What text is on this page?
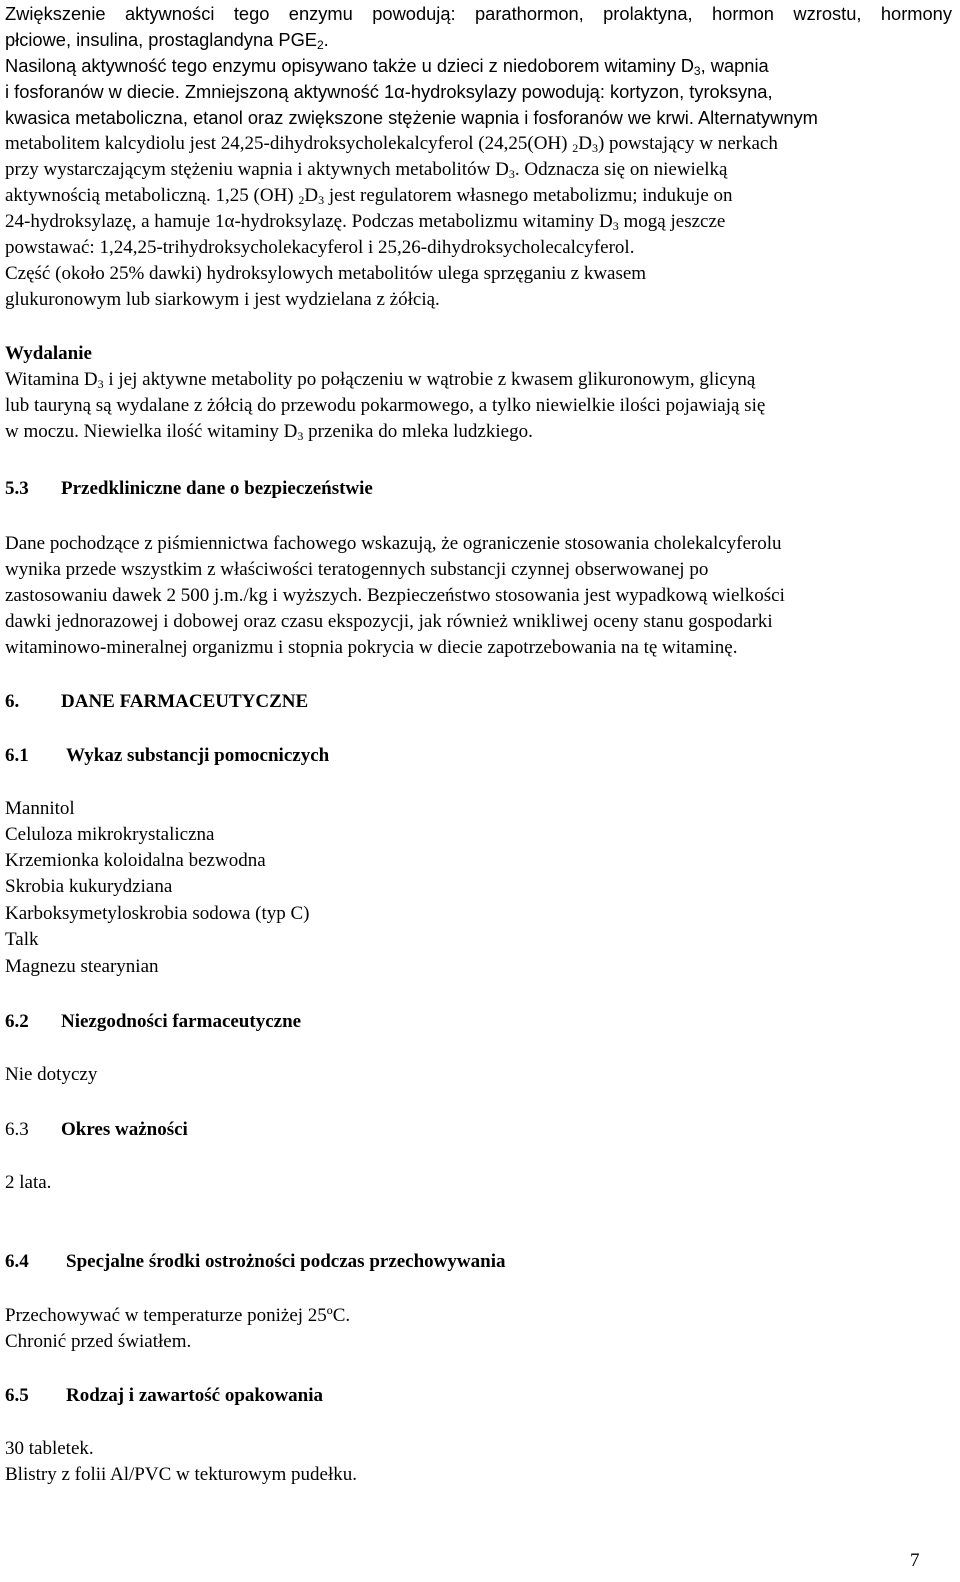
Zwiększenie aktywności tego enzymu powodują: parathormon, prolaktyna, hormon wzrostu, hormony
płciowe, insulina, prostaglandyna $PGE_2$.
Nasiloną aktywność tego enzymu opisywano także u dzieci z niedoborem witaminy $D_3$, wapnia
i fosforanów w diecie. Zmniejszoną aktywność 1α-hydroksylazy powodują: kortyzon, tyroksyna,
kwasica metaboliczna, etanol oraz zwiększone stężenie wapnia i fosforanów we krwi. Alternatywnym
metabolitem kalcydiolu jest 24,25-dihydroksycholekalcyferol (24,25(OH) $_2D_3$) powstający w nerkach
przy wystarczającym stężeniu wapnia i aktywnych metabolitów $D_3$. Odznacza się on niewielką
aktywnością metaboliczną. 1,25 (OH) $_2D_3$ jest regulatorem własnego metabolizmu; indukuje on
24-hydroksylazę, a hamuje 1α-hydroksylazę. Podczas metabolizmu witaminy $D_3$ mogą jeszcze
powstawać: 1,24,25-trihydroksycholekacyferol i 25,26-dihydroksycholecalcyferol.
Część (około 25% dawki) hydroksylowych metabolitów ulega sprzęganiu z kwasem
glukuronowym lub siarkowym i jest wydzielana z żółcią.
Wydalanie
Witamina $D_3$ i jej aktywne metabolity po połączeniu w wątrobie z kwasem glikuronowym, glicyną
lub tauryną są wydalane z żółcią do przewodu pokarmowego, a tylko niewielkie ilości pojawiają się
w moczu. Niewielka ilość witaminy $D_3$ przenika do mleka ludzkiego.
5.3 Przedkliniczne dane o bezpieczeństwie
Dane pochodzące z piśmiennictwa fachowego wskazują, że ograniczenie stosowania cholekalcyferolu
wynika przede wszystkim z właściwości teratogennych substancji czynnej obserwowanej po
zastosowaniu dawek 2 500 j.m./kg i wyższych. Bezpieczeństwo stosowania jest wypadkową wielkości
dawki jednorazowej i dobowej oraz czasu ekspozycji, jak również wnikliwej oceny stanu gospodarki
witaminowo-mineralnej organizmu i stopnia pokrycia w diecie zapotrzebowania na tę witaminę.
6. DANE FARMACEUTYCZNE
6.1 Wykaz substancji pomocniczych
Mannitol
Celuloza mikrokrystaliczna
Krzemionka koloidalna bezwodna
Skrobia kukurydziana
Karboksymetyloskrobia sodowa (typ C)
Talk
Magnezu stearynian
6.2 Niezgodności farmaceutyczne
Nie dotyczy
6.3 Okres ważności
2 lata.
6.4 Specjalne środki ostrożności podczas przechowywania
Przechowywać w temperaturze poniżej 25ºC.
Chronić przed światłem.
6.5 Rodzaj i zawartość opakowania
30 tabletek.
Blistry z folii Al/PVC w tekturowym pudełku.
7
